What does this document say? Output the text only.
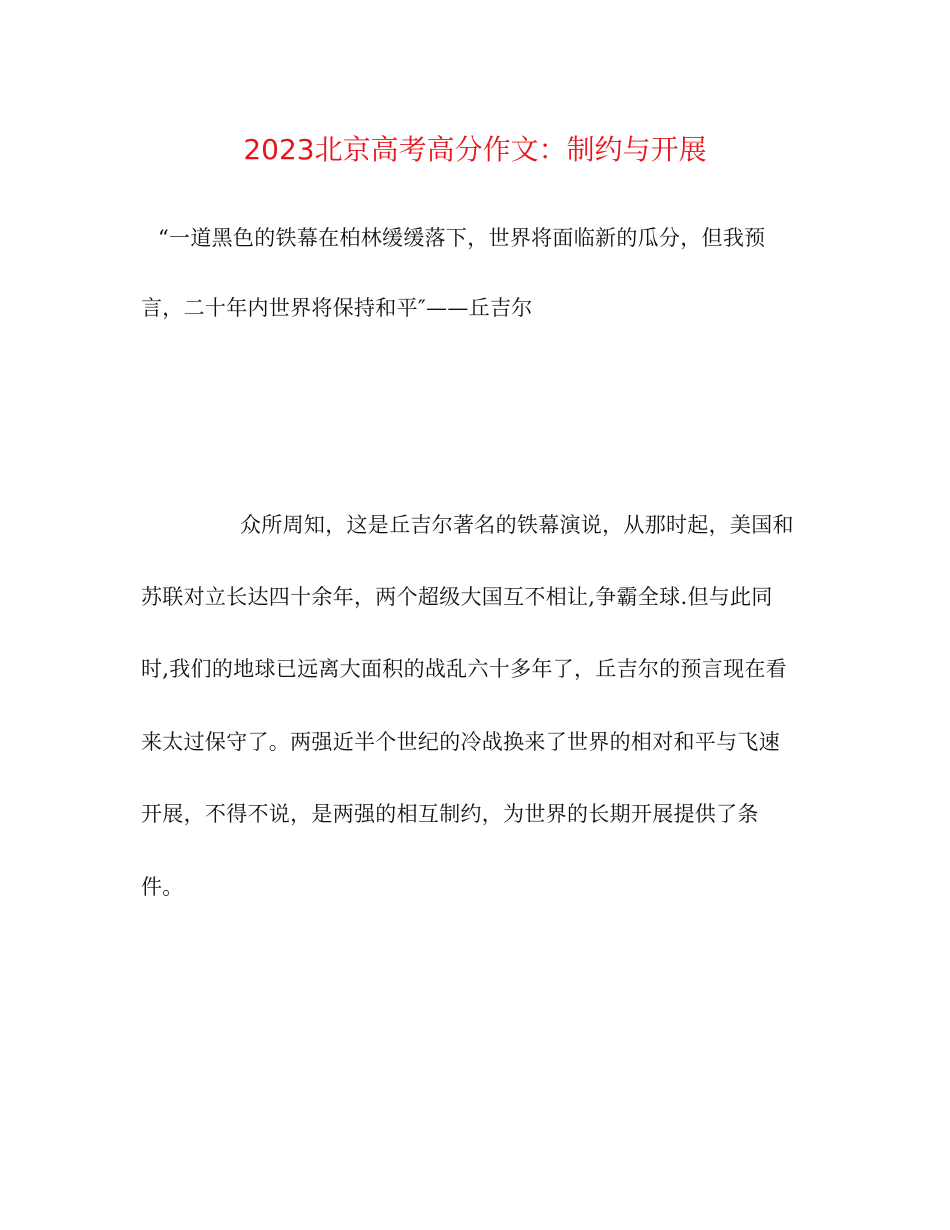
2023北京高考高分作文：制约与开展
“一道黑色的铁幕在柏林缓缓落下，世界将面临新的瓜分，但我预
言，二十年内世界将保持和平″——丘吉尔
众所周知，这是丘吉尔著名的铁幕演说，从那时起，美国和
苏联对立长达四十余年，两个超级大国互不相让,争霸全球.但与此同
时,我们的地球已远离大面积的战乱六十多年了，丘吉尔的预言现在看
来太过保守了。两强近半个世纪的冷战换来了世界的相对和平与飞速
开展，不得不说，是两强的相互制约，为世界的长期开展提供了条
件。
